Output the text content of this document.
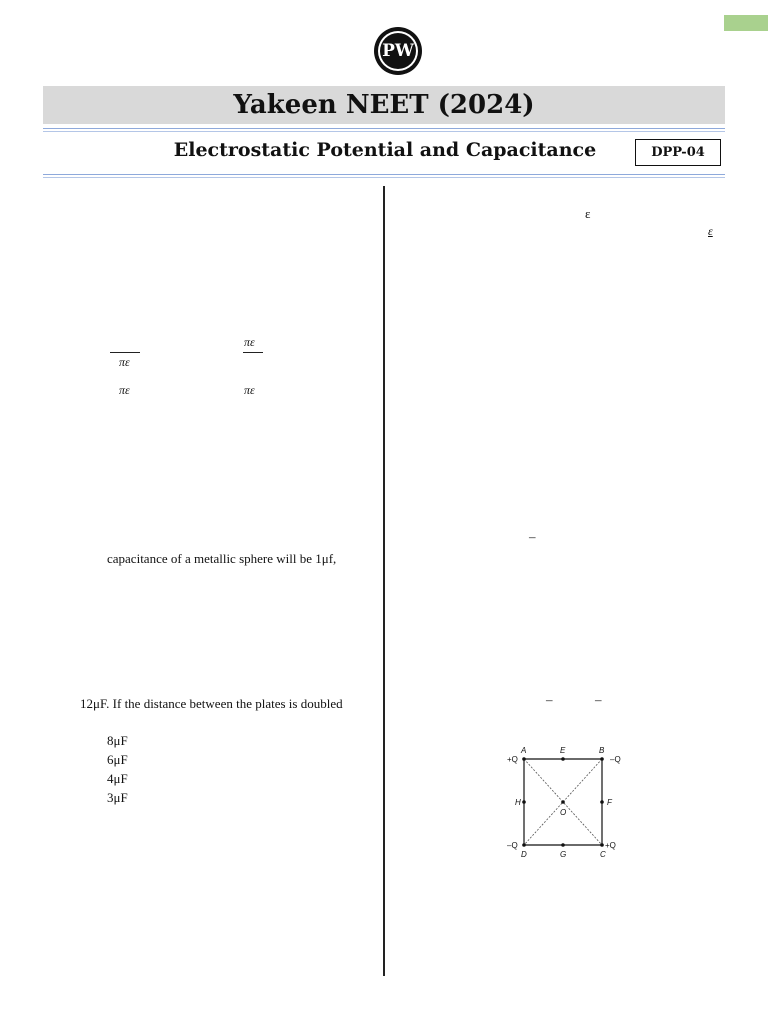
PW
Yakeen NEET (2024)
Electrostatic Potential and Capacitance	DPP-04
πε
πε
πε	πε
capacitance of a metallic sphere will be 1μf,
12μF. If the distance between the plates is doubled
8μF
6μF
4μF
3μF
ε
ε
–
–	–
A	E	B
+Q	–Q
H	F
O
–Q	+Q
D	G	C
